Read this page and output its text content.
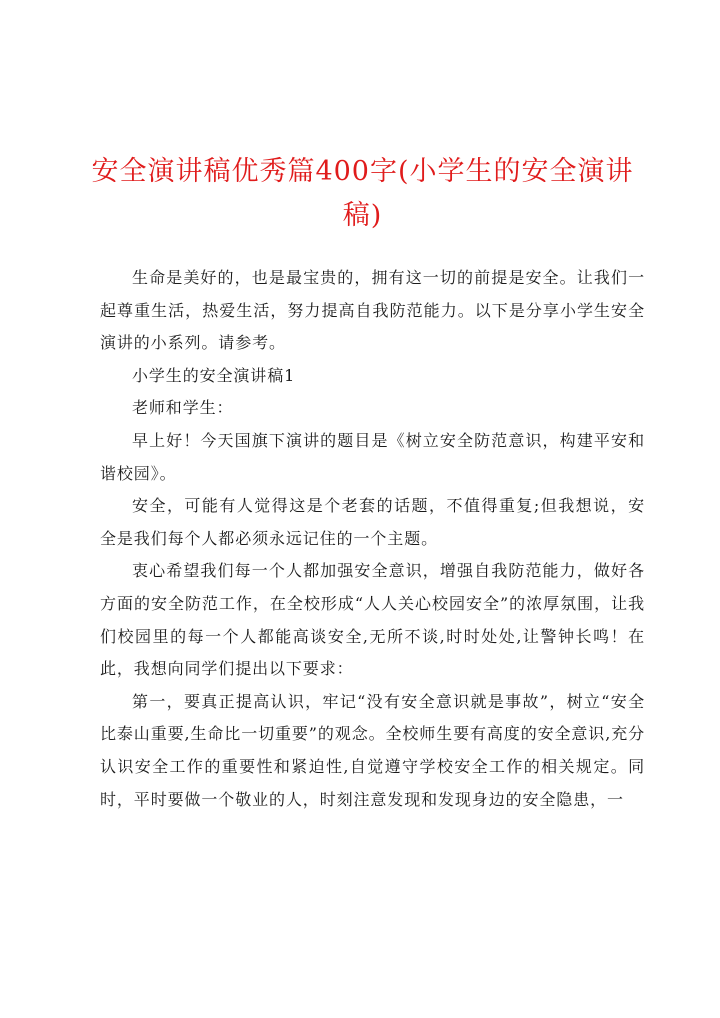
安全演讲稿优秀篇400字(小学生的安全演讲稿)

生命是美好的，也是最宝贵的，拥有这一切的前提是安全。让我们一起尊重生活，热爱生活，努力提高自我防范能力。以下是分享小学生安全演讲的小系列。请参考。

小学生的安全演讲稿1

老师和学生：

早上好！今天国旗下演讲的题目是《树立安全防范意识，构建平安和谐校园》。

安全，可能有人觉得这是个老套的话题，不值得重复;但我想说，安全是我们每个人都必须永远记住的一个主题。

衷心希望我们每一个人都加强安全意识，增强自我防范能力，做好各方面的安全防范工作，在全校形成“人人关心校园安全”的浓厚氛围，让我们校园里的每一个人都能高谈安全,无所不谈,时时处处,让警钟长鸣！在此，我想向同学们提出以下要求：

第一，要真正提高认识，牢记“没有安全意识就是事故”，树立“安全比泰山重要,生命比一切重要”的观念。全校师生要有高度的安全意识,充分认识安全工作的重要性和紧迫性,自觉遵守学校安全工作的相关规定。同时，平时要做一个敬业的人，时刻注意发现和发现身边的安全隐患，一
